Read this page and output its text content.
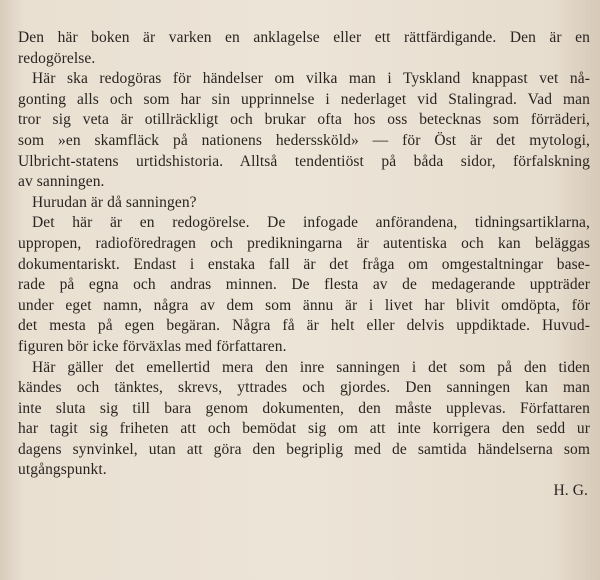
Den här boken är varken en anklagelse eller ett rättfärdigande. Den är en
redogörelse.
Här ska redogöras för händelser om vilka man i Tyskland knappast vet nå-
gonting alls och som har sin upprinnelse i nederlaget vid Stalingrad. Vad man
tror sig veta är otillräckligt och brukar ofta hos oss betecknas som förräderi,
som »en skamfläck på nationens hederssköld» — för Öst är det mytologi,
Ulbricht-statens urtidshistoria. Alltså tendentiöst på båda sidor, förfalskning
av sanningen.
Hurudan är då sanningen?
Det här är en redogörelse. De infogade anförandena, tidningsartiklarna,
uppropen, radioföredragen och predikningarna är autentiska och kan beläggas
dokumentariskt. Endast i enstaka fall är det fråga om omgestaltningar base-
rade på egna och andras minnen. De flesta av de medagerande uppträder
under eget namn, några av dem som ännu är i livet har blivit omdöpta, för
det mesta på egen begäran. Några få är helt eller delvis uppdiktade. Huvud-
figuren bör icke förväxlas med författaren.
Här gäller det emellertid mera den inre sanningen i det som på den tiden
kändes och tänktes, skrevs, yttrades och gjordes. Den sanningen kan man
inte sluta sig till bara genom dokumenten, den måste upplevas. Författaren
har tagit sig friheten att och bemödat sig om att inte korrigera den sedd ur
dagens synvinkel, utan att göra den begriplig med de samtida händelserna som
utgångspunkt.
H. G.
